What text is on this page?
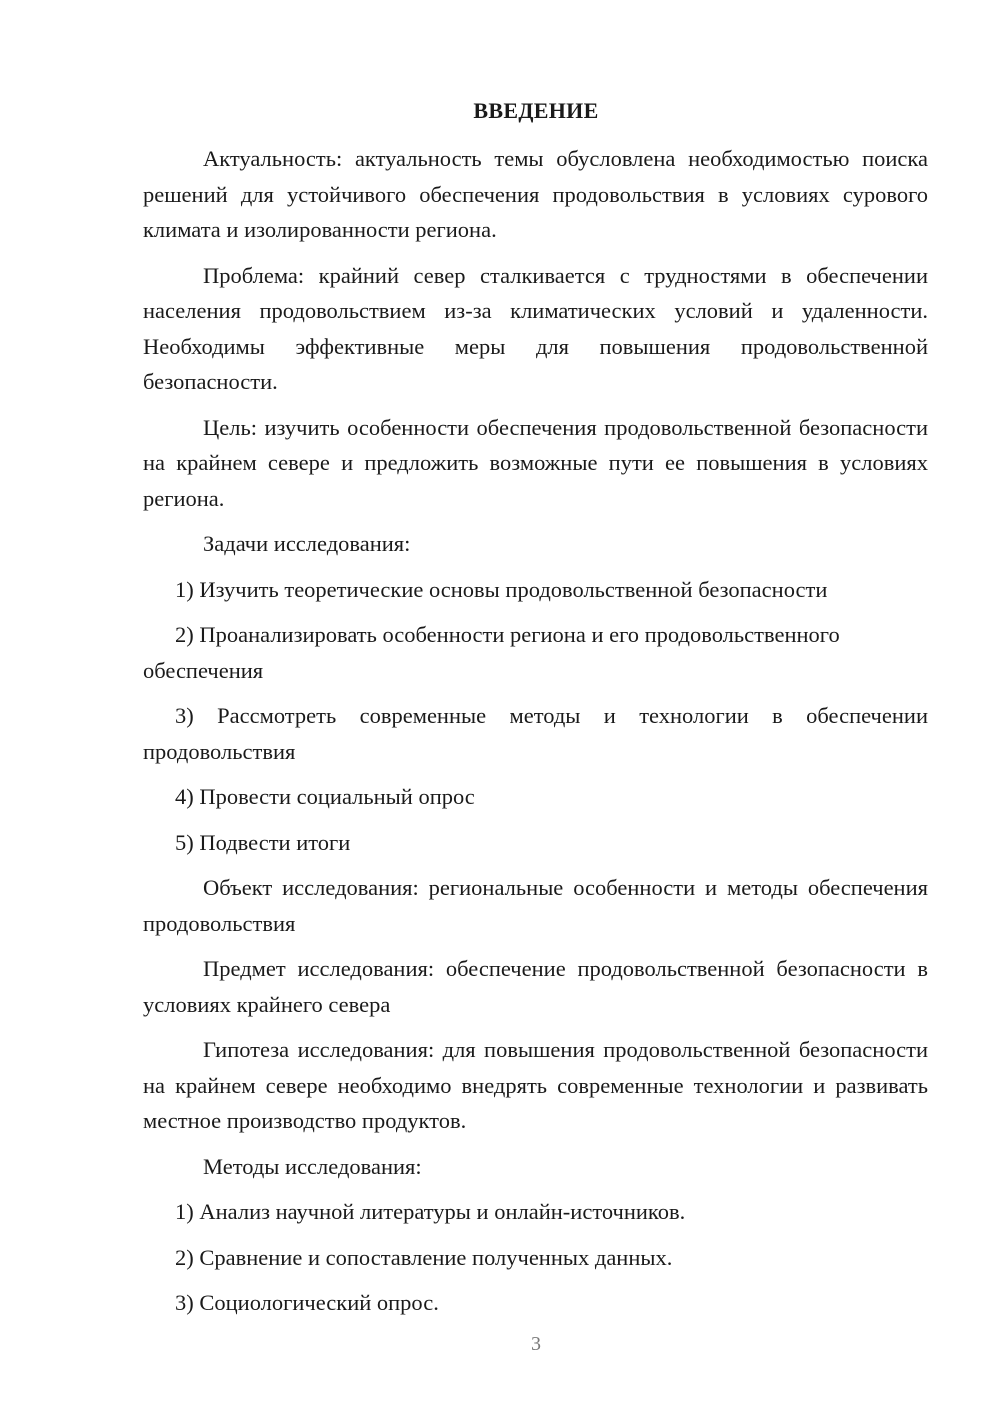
ВВЕДЕНИЕ

Актуальность: актуальность темы обусловлена необходимостью поиска решений для устойчивого обеспечения продовольствия в условиях сурового климата и изолированности региона.

Проблема: крайний север сталкивается с трудностями в обеспечении населения продовольствием из-за климатических условий и удаленности. Необходимы эффективные меры для повышения продовольственной безопасности.

Цель: изучить особенности обеспечения продовольственной безопасности на крайнем севере и предложить возможные пути ее повышения в условиях региона.

Задачи исследования:

1) Изучить теоретические основы продовольственной безопасности

2) Проанализировать особенности региона и его продовольственного обеспечения

3) Рассмотреть современные методы и технологии в обеспечении продовольствия

4) Провести социальный опрос

5) Подвести итоги

Объект исследования: региональные особенности и методы обеспечения продовольствия

Предмет исследования: обеспечение продовольственной безопасности в условиях крайнего севера

Гипотеза исследования: для повышения продовольственной безопасности на крайнем севере необходимо внедрять современные технологии и развивать местное производство продуктов.

Методы исследования:

1) Анализ научной литературы и онлайн-источников.

2) Сравнение и сопоставление полученных данных.

3) Социологический опрос.

3
